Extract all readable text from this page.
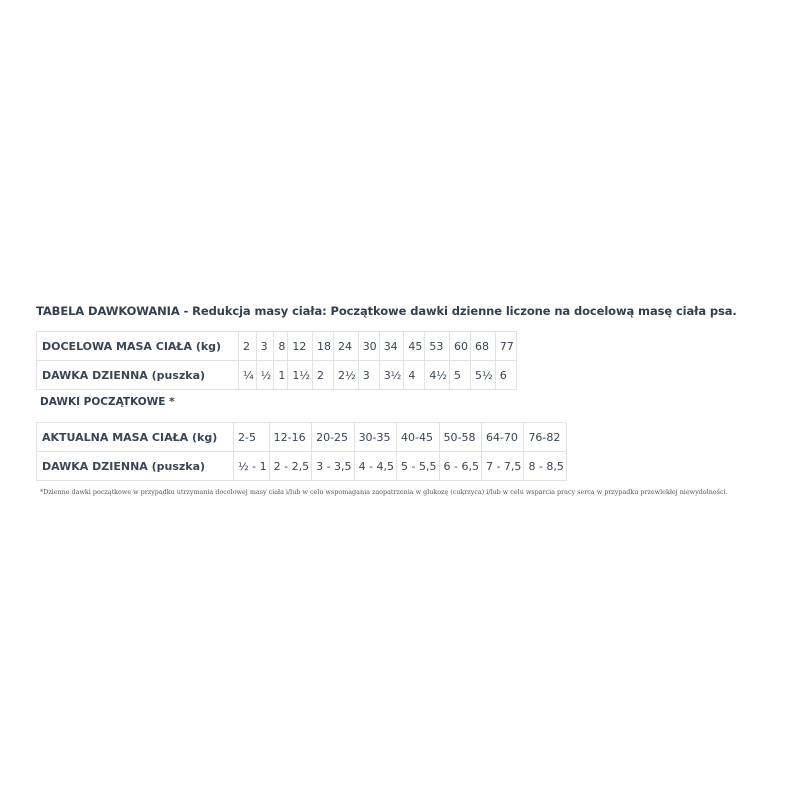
TABELA DAWKOWANIA - Redukcja masy ciała: Początkowe dawki dzienne liczone na docelową masę ciała psa.
DOCELOWA MASA CIAŁA (kg)	2	3	8	12	18	24	30	34	45	53	60	68	77
DAWKA DZIENNA (puszka)	¼	½	1	1½	2	2½	3	3½	4	4½	5	5½	6
DAWKI POCZĄTKOWE *
AKTUALNA MASA CIAŁA (kg)	2-5	12-16	20-25	30-35	40-45	50-58	64-70	76-82
DAWKA DZIENNA (puszka)	½ - 1	2 - 2,5	3 - 3,5	4 - 4,5	5 - 5,5	6 - 6,5	7 - 7,5	8 - 8,5
*Dzienne dawki początkowe w przypadku utrzymania docelowej masy ciała i/lub w celu wspomagania zaopatrzenia w glukozę (cukrzyca) i/lub w celu wsparcia pracy serca w przypadku przewlekłej niewydolności.
